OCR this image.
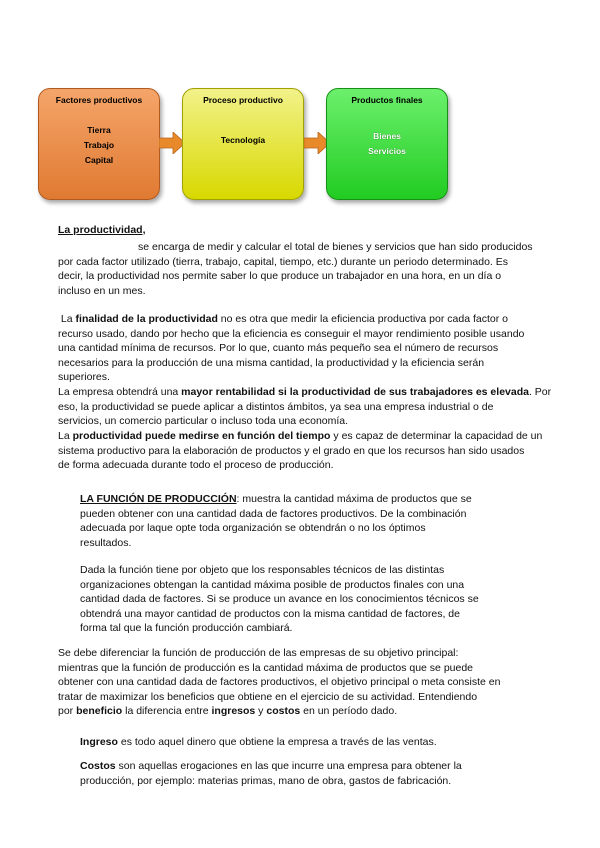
Factores productivos
Tierra
Trabajo
Capital
Proceso productivo
Tecnología
Productos finales
Bienes
Servicios
La productividad,
se encarga de medir y calcular el total de bienes y servicios que han sido producidos
por cada factor utilizado (tierra, trabajo, capital, tiempo, etc.) durante un periodo determinado. Es
decir, la productividad nos permite saber lo que produce un trabajador en una hora, en un día o
incluso en un mes.
La finalidad de la productividad no es otra que medir la eficiencia productiva por cada factor o
recurso usado, dando por hecho que la eficiencia es conseguir el mayor rendimiento posible usando
una cantidad mínima de recursos. Por lo que, cuanto más pequeño sea el número de recursos
necesarios para la producción de una misma cantidad, la productividad y la eficiencia serán
superiores.
La empresa obtendrá una mayor rentabilidad si la productividad de sus trabajadores es elevada. Por
eso, la productividad se puede aplicar a distintos ámbitos, ya sea una empresa industrial o de
servicios, un comercio particular o incluso toda una economía.
La productividad puede medirse en función del tiempo y es capaz de determinar la capacidad de un
sistema productivo para la elaboración de productos y el grado en que los recursos han sido usados
de forma adecuada durante todo el proceso de producción.
LA FUNCIÓN DE PRODUCCIÓN: muestra la cantidad máxima de productos que se
pueden obtener con una cantidad dada de factores productivos. De la combinación
adecuada por laque opte toda organización se obtendrán o no los óptimos
resultados.
Dada la función tiene por objeto que los responsables técnicos de las distintas
organizaciones obtengan la cantidad máxima posible de productos finales con una
cantidad dada de factores. Si se produce un avance en los conocimientos técnicos se
obtendrá una mayor cantidad de productos con la misma cantidad de factores, de
forma tal que la función producción cambiará.
Se debe diferenciar la función de producción de las empresas de su objetivo principal:
mientras que la función de producción es la cantidad máxima de productos que se puede
obtener con una cantidad dada de factores productivos, el objetivo principal o meta consiste en
tratar de maximizar los beneficios que obtiene en el ejercicio de su actividad. Entendiendo
por beneficio la diferencia entre ingresos y costos en un período dado.
Ingreso es todo aquel dinero que obtiene la empresa a través de las ventas.
Costos son aquellas erogaciones en las que incurre una empresa para obtener la
producción, por ejemplo: materias primas, mano de obra, gastos de fabricación.
